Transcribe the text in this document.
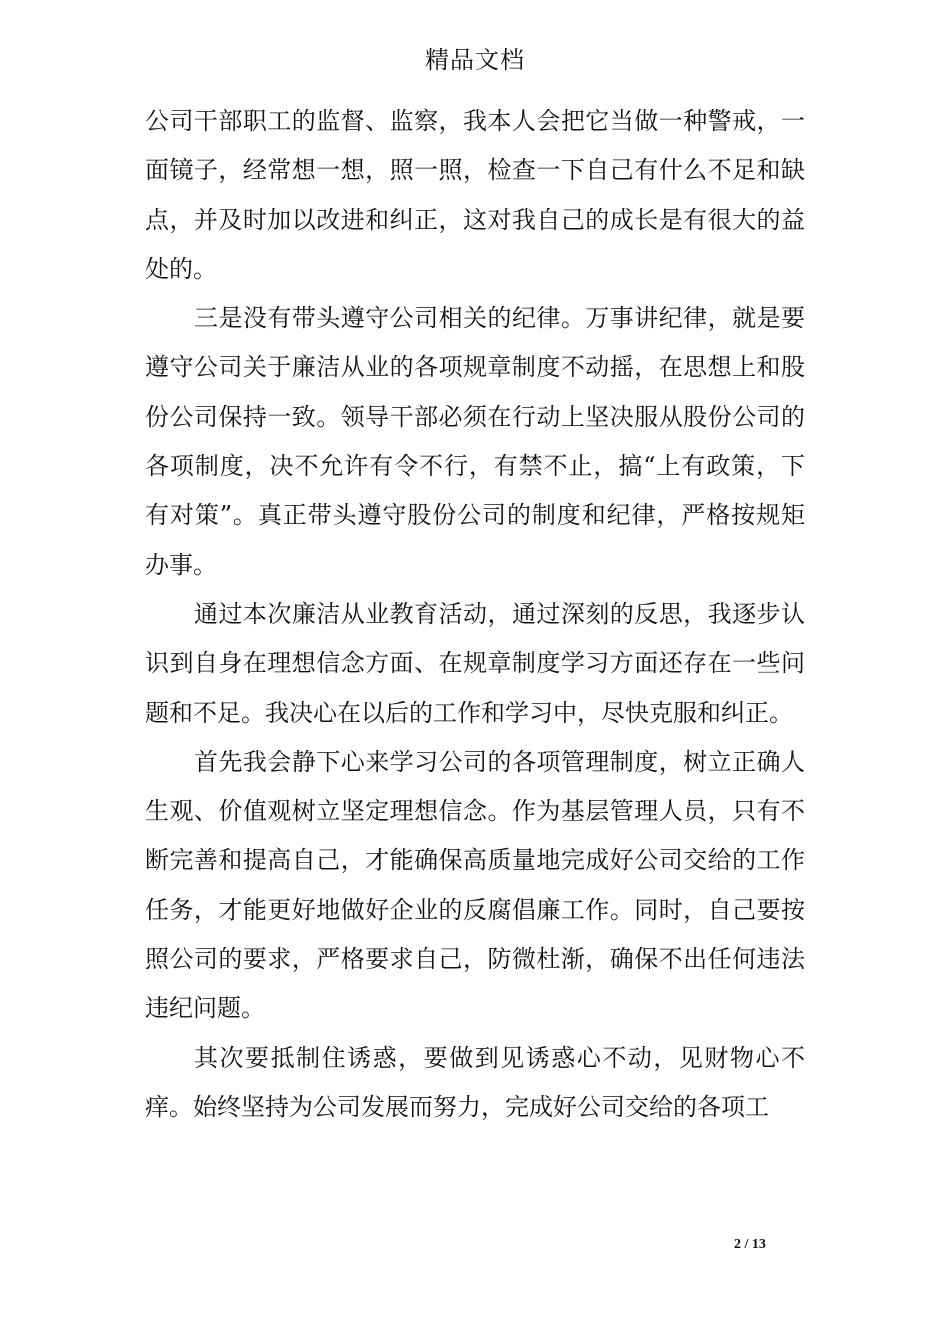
精品文档

公司干部职工的监督、监察，我本人会把它当做一种警戒，一面镜子，经常想一想，照一照，检查一下自己有什么不足和缺点，并及时加以改进和纠正，这对我自己的成长是有很大的益处的。

三是没有带头遵守公司相关的纪律。万事讲纪律，就是要遵守公司关于廉洁从业的各项规章制度不动摇，在思想上和股份公司保持一致。领导干部必须在行动上坚决服从股份公司的各项制度，决不允许有令不行，有禁不止，搞“上有政策，下有对策”。真正带头遵守股份公司的制度和纪律，严格按规矩办事。

通过本次廉洁从业教育活动，通过深刻的反思，我逐步认识到自身在理想信念方面、在规章制度学习方面还存在一些问题和不足。我决心在以后的工作和学习中，尽快克服和纠正。

首先我会静下心来学习公司的各项管理制度，树立正确人生观、价值观树立坚定理想信念。作为基层管理人员，只有不断完善和提高自己，才能确保高质量地完成好公司交给的工作任务，才能更好地做好企业的反腐倡廉工作。同时，自己要按照公司的要求，严格要求自己，防微杜渐，确保不出任何违法违纪问题。

其次要抵制住诱惑，要做到见诱惑心不动，见财物心不痒。始终坚持为公司发展而努力，完成好公司交给的各项工

2 / 13
